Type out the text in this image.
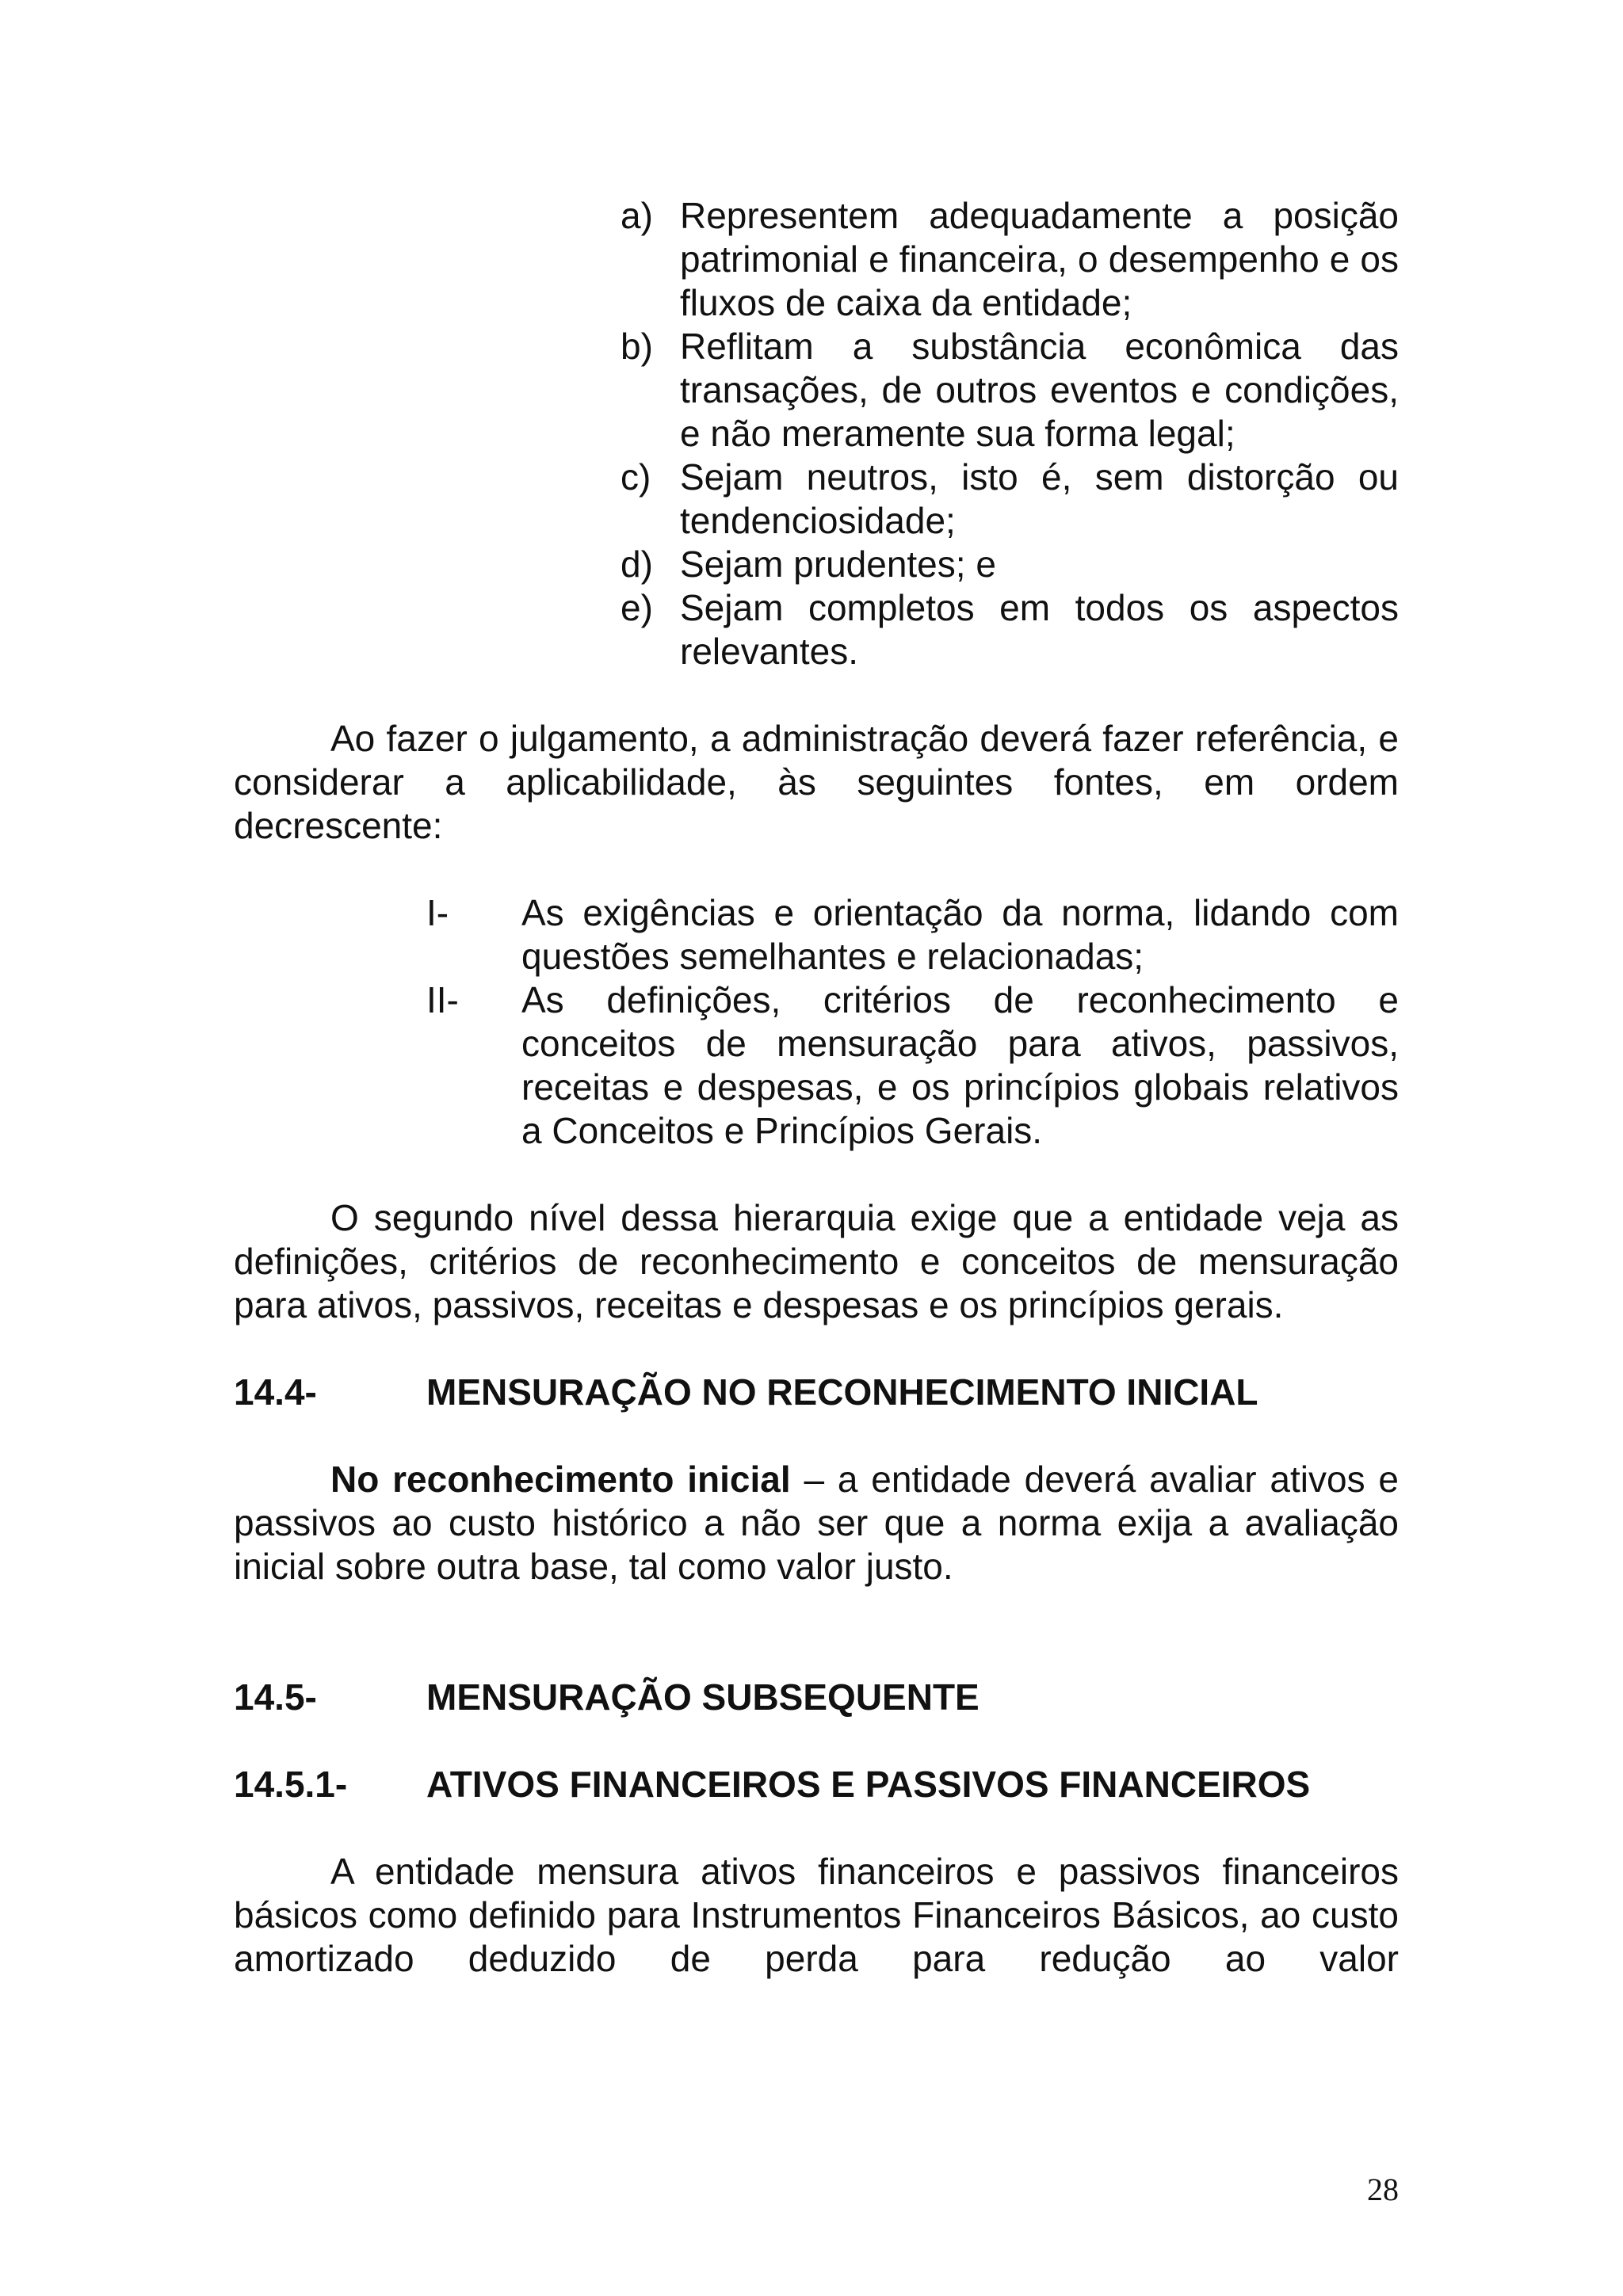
a) Representem adequadamente a posição patrimonial e financeira, o desempenho e os fluxos de caixa da entidade;
b) Reflitam a substância econômica das transações, de outros eventos e condições, e não meramente sua forma legal;
c) Sejam neutros, isto é, sem distorção ou tendenciosidade;
d) Sejam prudentes; e
e) Sejam completos em todos os aspectos relevantes.

Ao fazer o julgamento, a administração deverá fazer referência, e considerar a aplicabilidade, às seguintes fontes, em ordem decrescente:

I-	As exigências e orientação da norma, lidando com questões semelhantes e relacionadas;
II-	As definições, critérios de reconhecimento e conceitos de mensuração para ativos, passivos, receitas e despesas, e os princípios globais relativos a Conceitos e Princípios Gerais.

O segundo nível dessa hierarquia exige que a entidade veja as definições, critérios de reconhecimento e conceitos de mensuração para ativos, passivos, receitas e despesas e os princípios gerais.

14.4-	MENSURAÇÃO NO RECONHECIMENTO INICIAL

No reconhecimento inicial – a entidade deverá avaliar ativos e passivos ao custo histórico a não ser que a norma exija a avaliação inicial sobre outra base, tal como valor justo.

14.5-	MENSURAÇÃO SUBSEQUENTE
14.5.1-	ATIVOS FINANCEIROS E PASSIVOS FINANCEIROS

A entidade mensura ativos financeiros e passivos financeiros básicos como definido para Instrumentos Financeiros Básicos, ao custo amortizado deduzido de perda para redução ao valor

28
